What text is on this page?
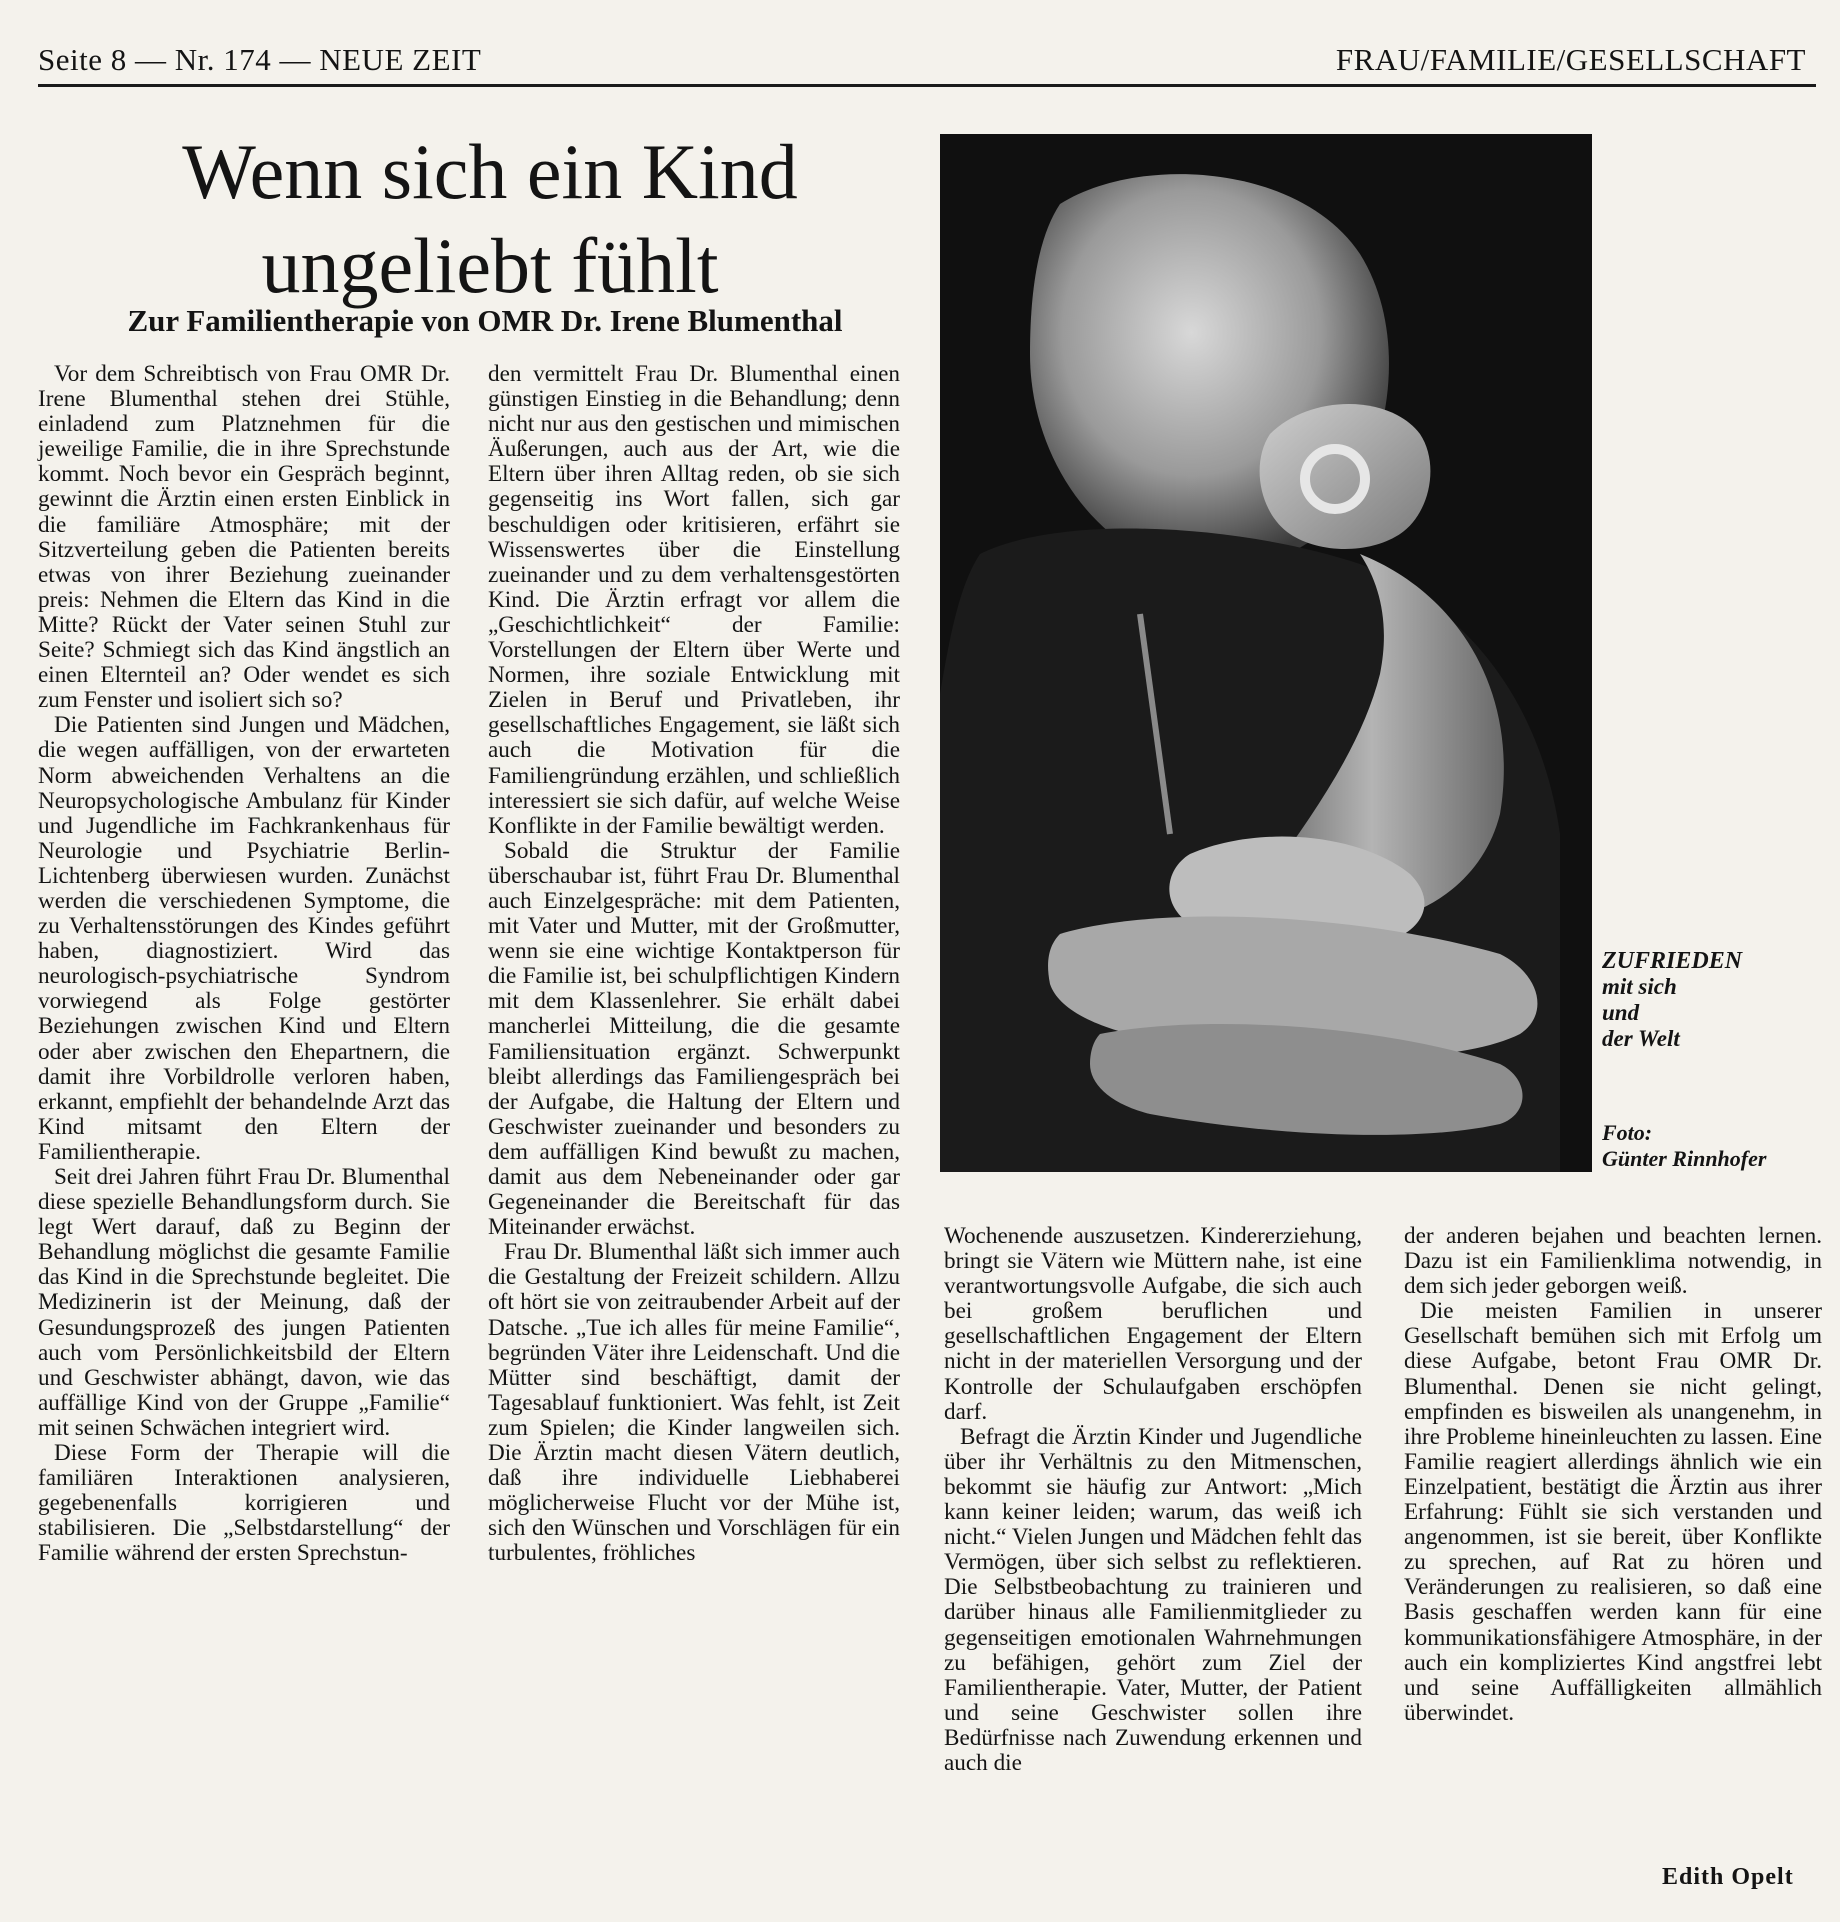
Seite 8 — Nr. 174 — NEUE ZEIT	FRAU/FAMILIE/GESELLSCHAFT
Wenn sich ein Kind
ungeliebt fühlt
Zur Familientherapie von OMR Dr. Irene Blumenthal

Vor dem Schreibtisch von Frau OMR Dr. Irene Blumenthal stehen drei Stühle, einladend zum Platznehmen für die jeweilige Familie, die in ihre Sprechstunde kommt. Noch bevor ein Gespräch beginnt, gewinnt die Ärztin einen ersten Einblick in die familiäre Atmosphäre; mit der Sitzverteilung geben die Patienten bereits etwas von ihrer Beziehung zueinander preis: Nehmen die Eltern das Kind in die Mitte? Rückt der Vater seinen Stuhl zur Seite? Schmiegt sich das Kind ängstlich an einen Elternteil an? Oder wendet es sich zum Fenster und isoliert sich so?

Die Patienten sind Jungen und Mädchen, die wegen auffälligen, von der erwarteten Norm abweichenden Verhaltens an die Neuropsychologische Ambulanz für Kinder und Jugendliche im Fachkrankenhaus für Neurologie und Psychiatrie Berlin-Lichtenberg überwiesen wurden. Zunächst werden die verschiedenen Symptome, die zu Verhaltensstörungen des Kindes geführt haben, diagnostiziert. Wird das neurologisch-psychiatrische Syndrom vorwiegend als Folge gestörter Beziehungen zwischen Kind und Eltern oder aber zwischen den Ehepartnern, die damit ihre Vorbildrolle verloren haben, erkannt, empfiehlt der behandelnde Arzt das Kind mitsamt den Eltern der Familientherapie.

Seit drei Jahren führt Frau Dr. Blumenthal diese spezielle Behandlungsform durch. Sie legt Wert darauf, daß zu Beginn der Behandlung möglichst die gesamte Familie das Kind in die Sprechstunde begleitet. Die Medizinerin ist der Meinung, daß der Gesundungsprozeß des jungen Patienten auch vom Persönlichkeitsbild der Eltern und Geschwister abhängt, davon, wie das auffällige Kind von der Gruppe „Familie“ mit seinen Schwächen integriert wird.

Diese Form der Therapie will die familiären Interaktionen analysieren, gegebenenfalls korrigieren und stabilisieren. Die „Selbstdarstellung“ der Familie während der ersten Sprechstun-

den vermittelt Frau Dr. Blumenthal einen günstigen Einstieg in die Behandlung; denn nicht nur aus den gestischen und mimischen Äußerungen, auch aus der Art, wie die Eltern über ihren Alltag reden, ob sie sich gegenseitig ins Wort fallen, sich gar beschuldigen oder kritisieren, erfährt sie Wissenswertes über die Einstellung zueinander und zu dem verhaltensgestörten Kind. Die Ärztin erfragt vor allem die „Geschichtlichkeit“ der Familie: Vorstellungen der Eltern über Werte und Normen, ihre soziale Entwicklung mit Zielen in Beruf und Privatleben, ihr gesellschaftliches Engagement, sie läßt sich auch die Motivation für die Familiengründung erzählen, und schließlich interessiert sie sich dafür, auf welche Weise Konflikte in der Familie bewältigt werden.

Sobald die Struktur der Familie überschaubar ist, führt Frau Dr. Blumenthal auch Einzelgespräche: mit dem Patienten, mit Vater und Mutter, mit der Großmutter, wenn sie eine wichtige Kontaktperson für die Familie ist, bei schulpflichtigen Kindern mit dem Klassenlehrer. Sie erhält dabei mancherlei Mitteilung, die die gesamte Familiensituation ergänzt. Schwerpunkt bleibt allerdings das Familiengespräch bei der Aufgabe, die Haltung der Eltern und Geschwister zueinander und besonders zu dem auffälligen Kind bewußt zu machen, damit aus dem Nebeneinander oder gar Gegeneinander die Bereitschaft für das Miteinander erwächst.

Frau Dr. Blumenthal läßt sich immer auch die Gestaltung der Freizeit schildern. Allzu oft hört sie von zeitraubender Arbeit auf der Datsche. „Tue ich alles für meine Familie“, begründen Väter ihre Leidenschaft. Und die Mütter sind beschäftigt, damit der Tagesablauf funktioniert. Was fehlt, ist Zeit zum Spielen; die Kinder langweilen sich. Die Ärztin macht diesen Vätern deutlich, daß ihre individuelle Liebhaberei möglicherweise Flucht vor der Mühe ist, sich den Wünschen und Vorschlägen für ein turbulentes, fröhliches

ZUFRIEDEN
mit sich
und
der Welt
Foto:
Günter Rinnhofer

Wochenende auszusetzen. Kindererziehung, bringt sie Vätern wie Müttern nahe, ist eine verantwortungsvolle Aufgabe, die sich auch bei großem beruflichen und gesellschaftlichen Engagement der Eltern nicht in der materiellen Versorgung und der Kontrolle der Schulaufgaben erschöpfen darf.

Befragt die Ärztin Kinder und Jugendliche über ihr Verhältnis zu den Mitmenschen, bekommt sie häufig zur Antwort: „Mich kann keiner leiden; warum, das weiß ich nicht.“ Vielen Jungen und Mädchen fehlt das Vermögen, über sich selbst zu reflektieren. Die Selbstbeobachtung zu trainieren und darüber hinaus alle Familienmitglieder zu gegenseitigen emotionalen Wahrnehmungen zu befähigen, gehört zum Ziel der Familientherapie. Vater, Mutter, der Patient und seine Geschwister sollen ihre Bedürfnisse nach Zuwendung erkennen und auch die

der anderen bejahen und beachten lernen. Dazu ist ein Familienklima notwendig, in dem sich jeder geborgen weiß.

Die meisten Familien in unserer Gesellschaft bemühen sich mit Erfolg um diese Aufgabe, betont Frau OMR Dr. Blumenthal. Denen sie nicht gelingt, empfinden es bisweilen als unangenehm, in ihre Probleme hineinleuchten zu lassen. Eine Familie reagiert allerdings ähnlich wie ein Einzelpatient, bestätigt die Ärztin aus ihrer Erfahrung: Fühlt sie sich verstanden und angenommen, ist sie bereit, über Konflikte zu sprechen, auf Rat zu hören und Veränderungen zu realisieren, so daß eine Basis geschaffen werden kann für eine kommunikationsfähigere Atmosphäre, in der auch ein kompliziertes Kind angstfrei lebt und seine Auffälligkeiten allmählich überwindet.

Edith Opelt
